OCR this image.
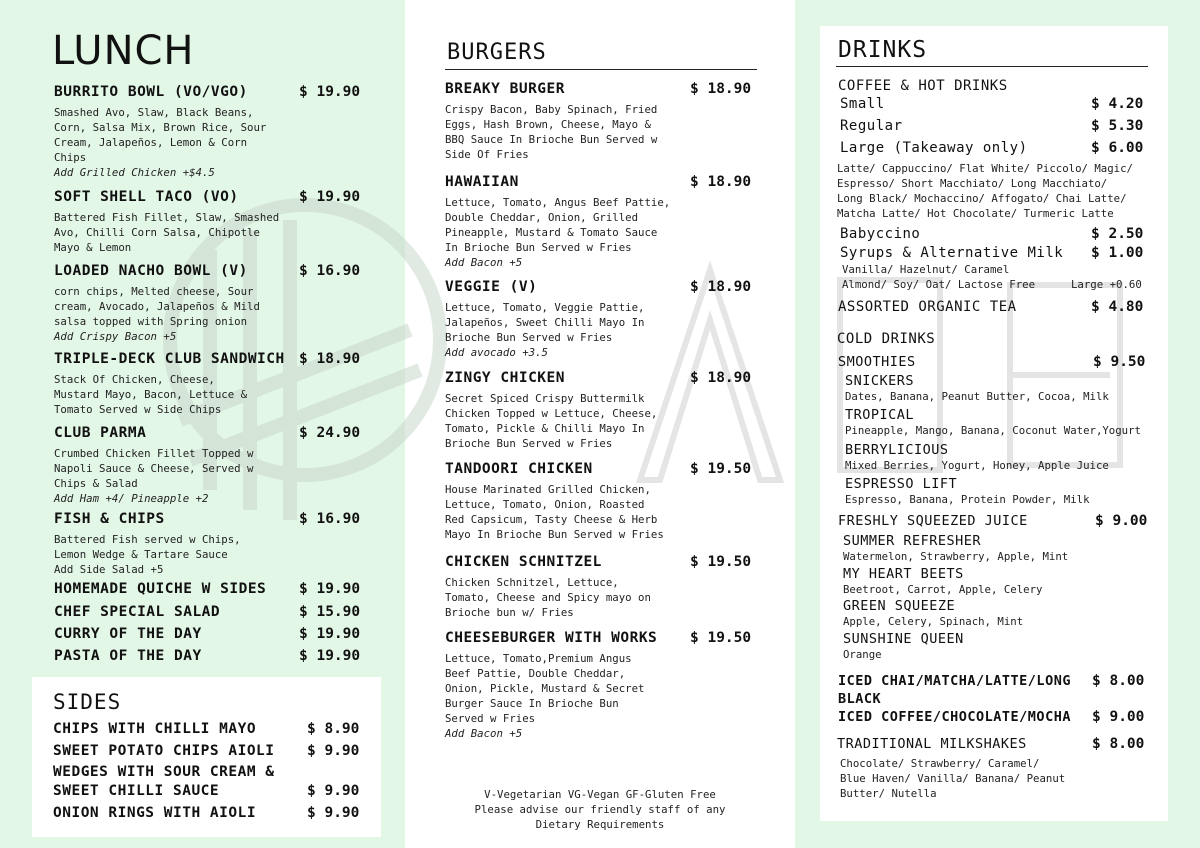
LUNCH
BURRITO BOWL (VO/VGO)	$ 19.90
Smashed Avo, Slaw, Black Beans,
Corn, Salsa Mix, Brown Rice, Sour
Cream, Jalapeños, Lemon & Corn
Chips
Add Grilled Chicken +$4.5
SOFT SHELL TACO (VO)	$ 19.90
Battered Fish Fillet, Slaw, Smashed
Avo, Chilli Corn Salsa, Chipotle
Mayo & Lemon
LOADED NACHO BOWL (V)	$ 16.90
corn chips, Melted cheese, Sour
cream, Avocado, Jalapeños & Mild
salsa topped with Spring onion
Add Crispy Bacon +5
TRIPLE-DECK CLUB SANDWICH $ 18.90
Stack Of Chicken, Cheese,
Mustard Mayo, Bacon, Lettuce &
Tomato Served w Side Chips
CLUB PARMA	$ 24.90
Crumbed Chicken Fillet Topped w
Napoli Sauce & Cheese, Served w
Chips & Salad
Add Ham +4/ Pineapple +2
FISH & CHIPS	$ 16.90
Battered Fish served w Chips,
Lemon Wedge & Tartare Sauce
Add Side Salad +5
HOMEMADE QUICHE W SIDES $ 19.90
CHEF SPECIAL SALAD	$ 15.90
CURRY OF THE DAY	$ 19.90
PASTA OF THE DAY	$ 19.90
SIDES
CHIPS WITH CHILLI MAYO	$ 8.90
SWEET POTATO CHIPS AIOLI $ 9.90
WEDGES WITH SOUR CREAM &
SWEET CHILLI SAUCE	$ 9.90
ONION RINGS WITH AIOLI	$ 9.90
BURGERS
BREAKY BURGER	$ 18.90
Crispy Bacon, Baby Spinach, Fried
Eggs, Hash Brown, Cheese, Mayo &
BBQ Sauce In Brioche Bun Served w
Side Of Fries
HAWAIIAN	$ 18.90
Lettuce, Tomato, Angus Beef Pattie,
Double Cheddar, Onion, Grilled
Pineapple, Mustard & Tomato Sauce
In Brioche Bun Served w Fries
Add Bacon +5
VEGGIE (V)	$ 18.90
Lettuce, Tomato, Veggie Pattie,
Jalapeños, Sweet Chilli Mayo In
Brioche Bun Served w Fries
Add avocado +3.5
ZINGY CHICKEN	$ 18.90
Secret Spiced Crispy Buttermilk
Chicken Topped w Lettuce, Cheese,
Tomato, Pickle & Chilli Mayo In
Brioche Bun Served w Fries
TANDOORI CHICKEN	$ 19.50
House Marinated Grilled Chicken,
Lettuce, Tomato, Onion, Roasted
Red Capsicum, Tasty Cheese & Herb
Mayo In Brioche Bun Served w Fries
CHICKEN SCHNITZEL	$ 19.50
Chicken Schnitzel, Lettuce,
Tomato, Cheese and Spicy mayo on
Brioche bun w/ Fries
CHEESEBURGER WITH WORKS $ 19.50
Lettuce, Tomato,Premium Angus
Beef Pattie, Double Cheddar,
Onion, Pickle, Mustard & Secret
Burger Sauce In Brioche Bun
Served w Fries
Add Bacon +5
V-Vegetarian VG-Vegan GF-Gluten Free
Please advise our friendly staff of any
Dietary Requirements
DRINKS
COFFEE & HOT DRINKS
Small	$ 4.20
Regular	$ 5.30
Large (Takeaway only)	$ 6.00
Latte/ Cappuccino/ Flat White/ Piccolo/ Magic/
Espresso/ Short Macchiato/ Long Macchiato/
Long Black/ Mochaccino/ Affogato/ Chai Latte/
Matcha Latte/ Hot Chocolate/ Turmeric Latte
Babyccino	$ 2.50
Syrups & Alternative Milk $ 1.00
Vanilla/ Hazelnut/ Caramel
Almond/ Soy/ Oat/ Lactose Free	Large +0.60
ASSORTED ORGANIC TEA	$ 4.80
COLD DRINKS
SMOOTHIES	$ 9.50
SNICKERS
Dates, Banana, Peanut Butter, Cocoa, Milk
TROPICAL
Pineapple, Mango, Banana, Coconut Water,Yogurt
BERRYLICIOUS
Mixed Berries, Yogurt, Honey, Apple Juice
ESPRESSO LIFT
Espresso, Banana, Protein Powder, Milk
FRESHLY SQUEEZED JUICE	$ 9.00
SUMMER REFRESHER
Watermelon, Strawberry, Apple, Mint
MY HEART BEETS
Beetroot, Carrot, Apple, Celery
GREEN SQUEEZE
Apple, Celery, Spinach, Mint
SUNSHINE QUEEN
Orange
ICED CHAI/MATCHA/LATTE/LONG
BLACK
$ 8.00
ICED COFFEE/CHOCOLATE/MOCHA $ 9.00
TRADITIONAL MILKSHAKES	$ 8.00
Chocolate/ Strawberry/ Caramel/
Blue Haven/ Vanilla/ Banana/ Peanut
Butter/ Nutella
